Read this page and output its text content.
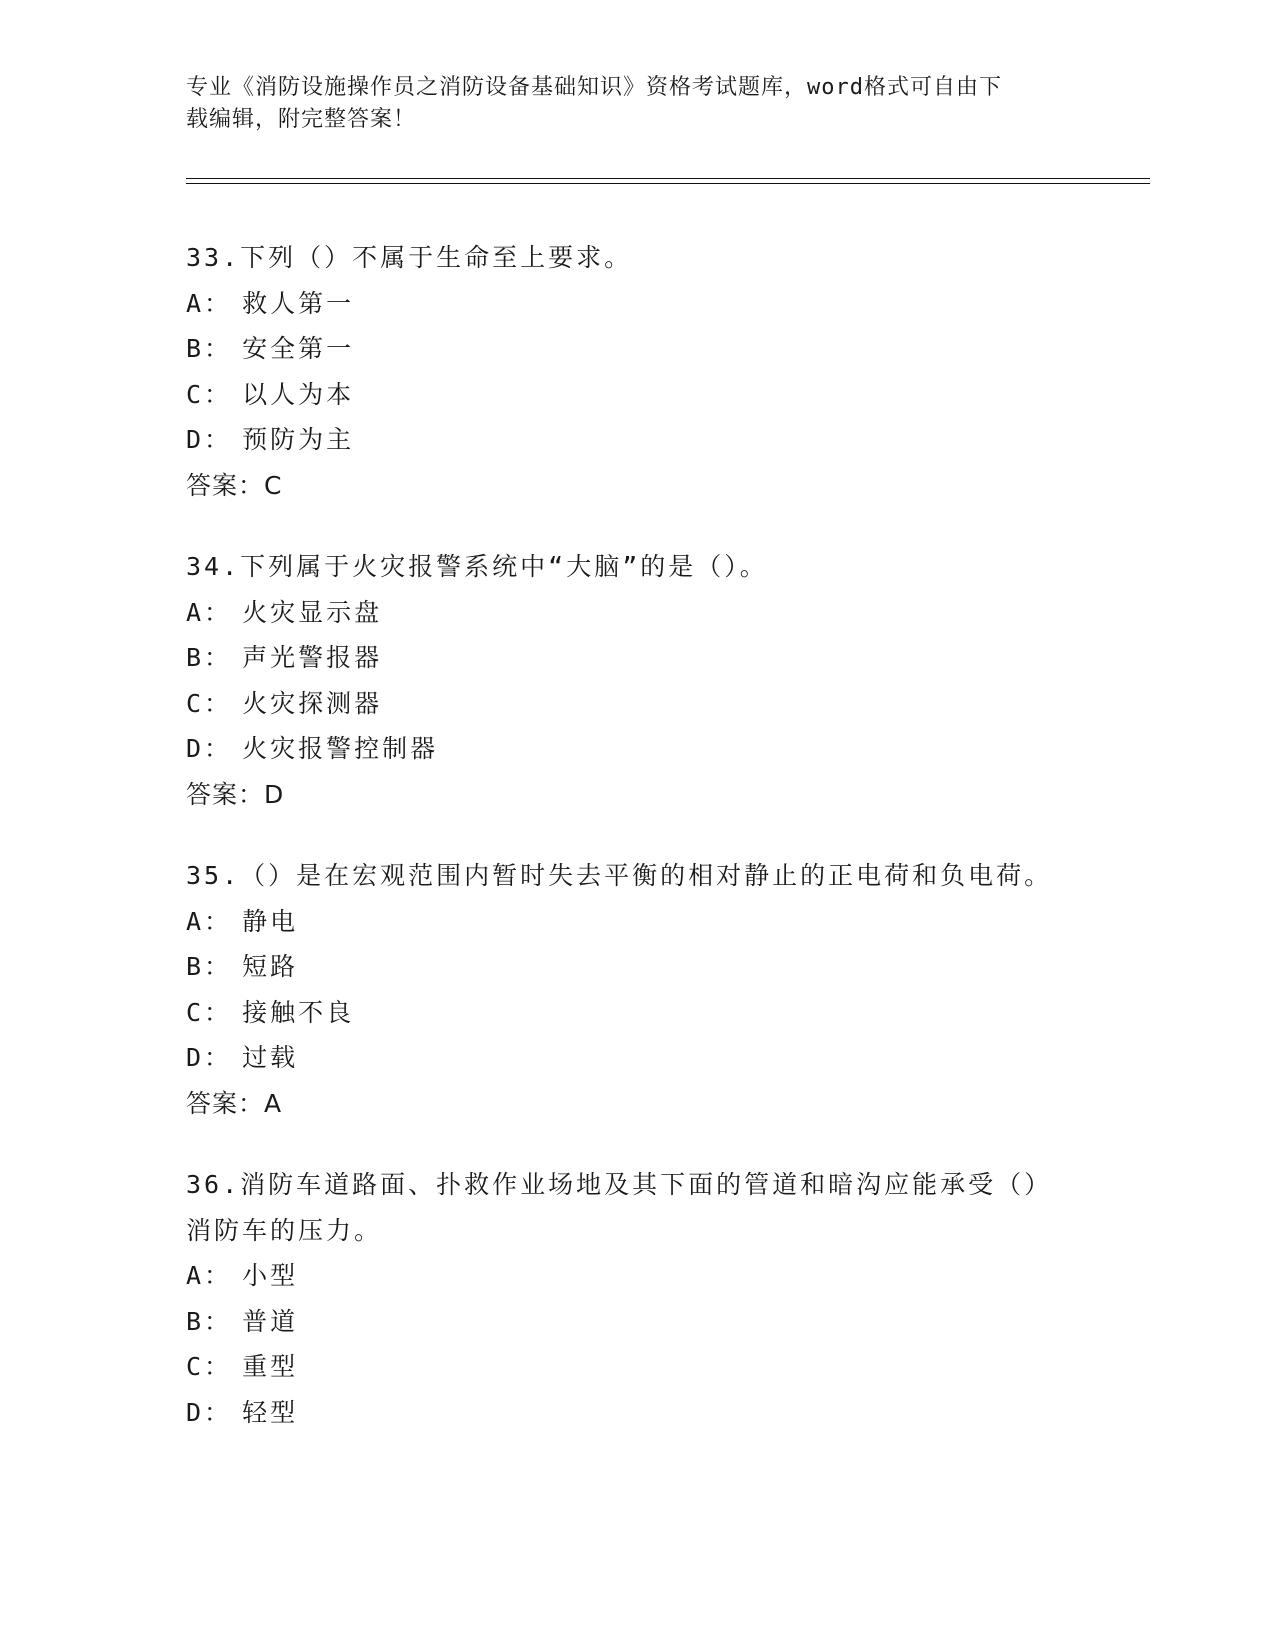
专业《消防设施操作员之消防设备基础知识》资格考试题库，word格式可自由下
载编辑，附完整答案！
33.下列（）不属于生命至上要求。
A： 救人第一
B： 安全第一
C： 以人为本
D： 预防为主
答案：C
34.下列属于火灾报警系统中“大脑”的是（）。
A： 火灾显示盘
B： 声光警报器
C： 火灾探测器
D： 火灾报警控制器
答案：D
35.（）是在宏观范围内暂时失去平衡的相对静止的正电荷和负电荷。
A： 静电
B： 短路
C： 接触不良
D： 过载
答案：A
36.消防车道路面、扑救作业场地及其下面的管道和暗沟应能承受（）
消防车的压力。
A： 小型
B： 普道
C： 重型
D： 轻型
